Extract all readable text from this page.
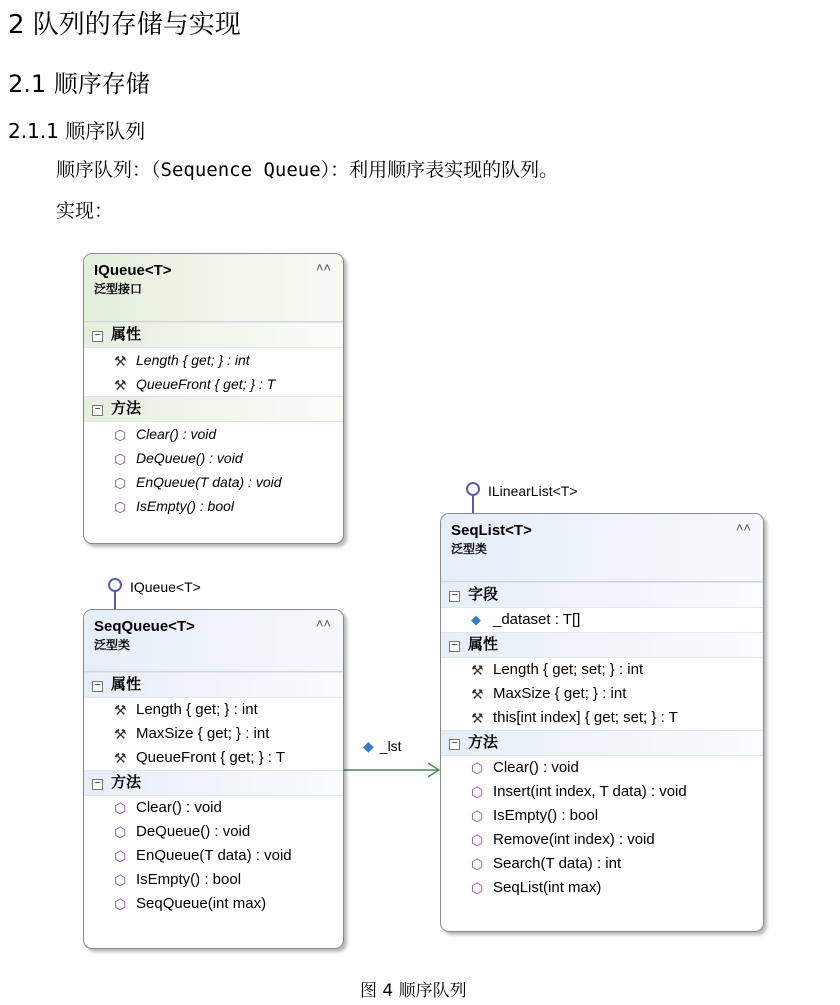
2 队列的存储与实现
2.1 顺序存储
2.1.1 顺序队列
顺序队列：（Sequence Queue）：利用顺序表实现的队列。
实现：
IQueue<T>
泛型接口
˄˄
− 属性
⚒ Length { get; } : int
⚒ QueueFront { get; } : T
− 方法
⬡ Clear() : void
⬡ DeQueue() : void
⬡ EnQueue(T data) : void
⬡ IsEmpty() : bool
IQueue<T>
SeqQueue<T>
泛型类
˄˄
− 属性
⚒ Length { get; } : int
⚒ MaxSize { get; } : int
⚒ QueueFront { get; } : T
− 方法
⬡ Clear() : void
⬡ DeQueue() : void
⬡ EnQueue(T data) : void
⬡ IsEmpty() : bool
⬡ SeqQueue(int max)
◆ _lst
ILinearList<T>
SeqList<T>
泛型类
˄˄
− 字段
◆ _dataset : T[]
− 属性
⚒ Length { get; set; } : int
⚒ MaxSize { get; } : int
⚒ this[int index] { get; set; } : T
− 方法
⬡ Clear() : void
⬡ Insert(int index, T data) : void
⬡ IsEmpty() : bool
⬡ Remove(int index) : void
⬡ Search(T data) : int
⬡ SeqList(int max)
图 4 顺序队列
